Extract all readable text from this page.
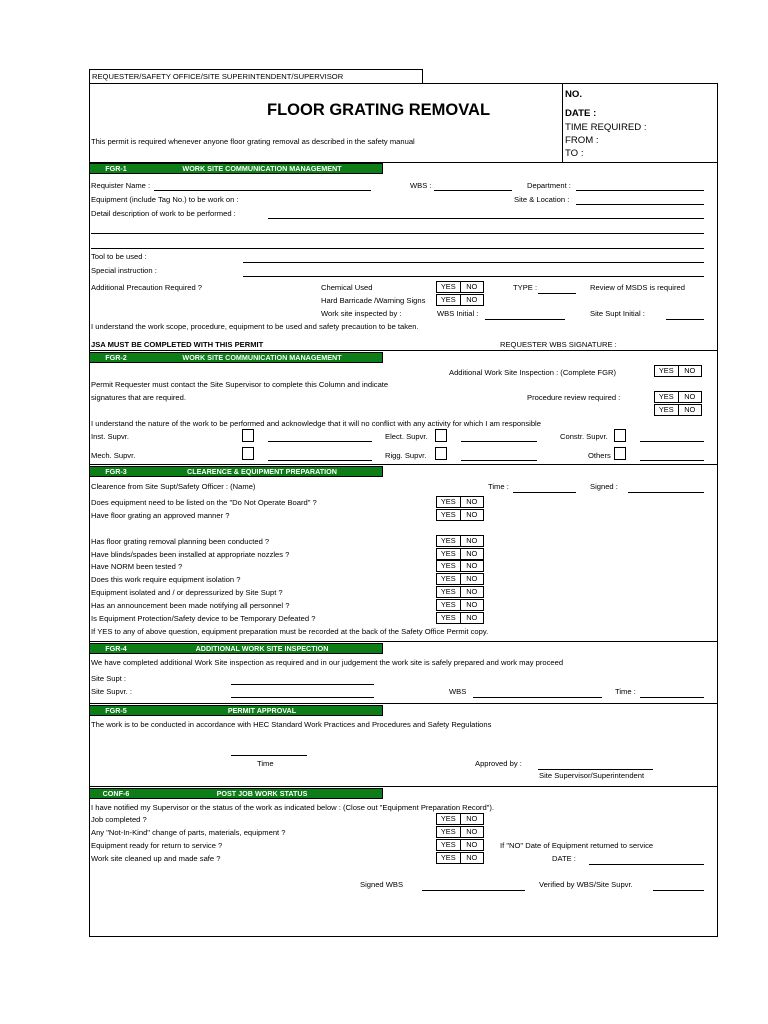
REQUESTER/SAFETY OFFICE/SITE SUPERINTENDENT/SUPERVISOR
FLOOR GRATING REMOVAL
This permit is required whenever anyone floor grating removal as described in the safety manual
NO.
DATE :
TIME REQUIRED :
FROM :
TO :
FGR-1	WORK SITE COMMUNICATION MANAGEMENT
Requister Name :	WBS :	Department :
Equipment (include Tag No.) to be work on :	Site & Location :
Detail description of work to be performed :
Tool to be used :
Special instruction :
Additional Precaution Required ?	Chemical Used	YES	NO	TYPE :	Review of MSDS is required
Hard Barricade /Warning Signs	YES	NO
Work site inspected by :	WBS Initial :	Site Supt Initial :
I understand the work scope, procedure, equipment to be used and safety precaution to be taken.
JSA MUST BE COMPLETED WITH THIS PERMIT	REQUESTER WBS SIGNATURE :
FGR-2	WORK SITE COMMUNICATION MANAGEMENT
Additional Work Site Inspection : (Complete FGR)	YES	NO
Permit Requester must contact the Site Supervisor to complete this Column and indicate
signatures that are required.	Procedure review required :	YES	NO
YES	NO
I understand the nature of the work to be performed and acknowledge that it will no conflict with any activity for which I am responsible
Inst. Supvr.	Elect. Supvr.	Constr. Supvr.
Mech. Supvr.	Rigg. Supvr.	Others
FGR-3	CLEARENCE & EQUIPMENT PREPARATION
Clearence from Site Supt/Safety Officer : (Name)	Time :	Signed :
Does equipment need to be listed on the "Do Not Operate Board" ?	YES	NO
Have floor grating an approved manner ?	YES	NO
Has floor grating removal planning been conducted ?	YES	NO
Have blinds/spades been installed at appropriate nozzles ?	YES	NO
Have NORM been tested ?	YES	NO
Does this work require equipment isolation ?	YES	NO
Equipment isolated and / or depressurized by Site Supt ?	YES	NO
Has an announcement been made notifying all personnel ?	YES	NO
Is Equipment Protection/Safety device to be Temporary Defeated ?	YES	NO
If YES to any of above question, equipment preparation must be recorded at the back of the Safety Office Permit copy.
FGR-4	ADDITIONAL WORK SITE INSPECTION
We have completed additional Work Site inspection as required and in our judgement the work site is safely prepared and work may proceed
Site Supt :
Site Supvr. :	WBS	Time :
FGR-5	PERMIT APPROVAL
The work is to be conducted in accordance with HEC Standard Work Practices and Procedures and Safety Regulations
Time	Approved by :
Site Supervisor/Superintendent
CONF-6	POST JOB WORK STATUS
I have notified my Supervisor or the status of the work as indicated below : (Close out "Equipment Preparation Record").
Job completed ?	YES	NO
Any "Not-In-Kind" change of parts, materials, equipment ?	YES	NO
Equipment ready for return to service ?	YES	NO	If "NO" Date of Equipment returned to service
Work site cleaned up and made safe ?	YES	NO	DATE :
Signed WBS	Verified by WBS/Site Supvr.
